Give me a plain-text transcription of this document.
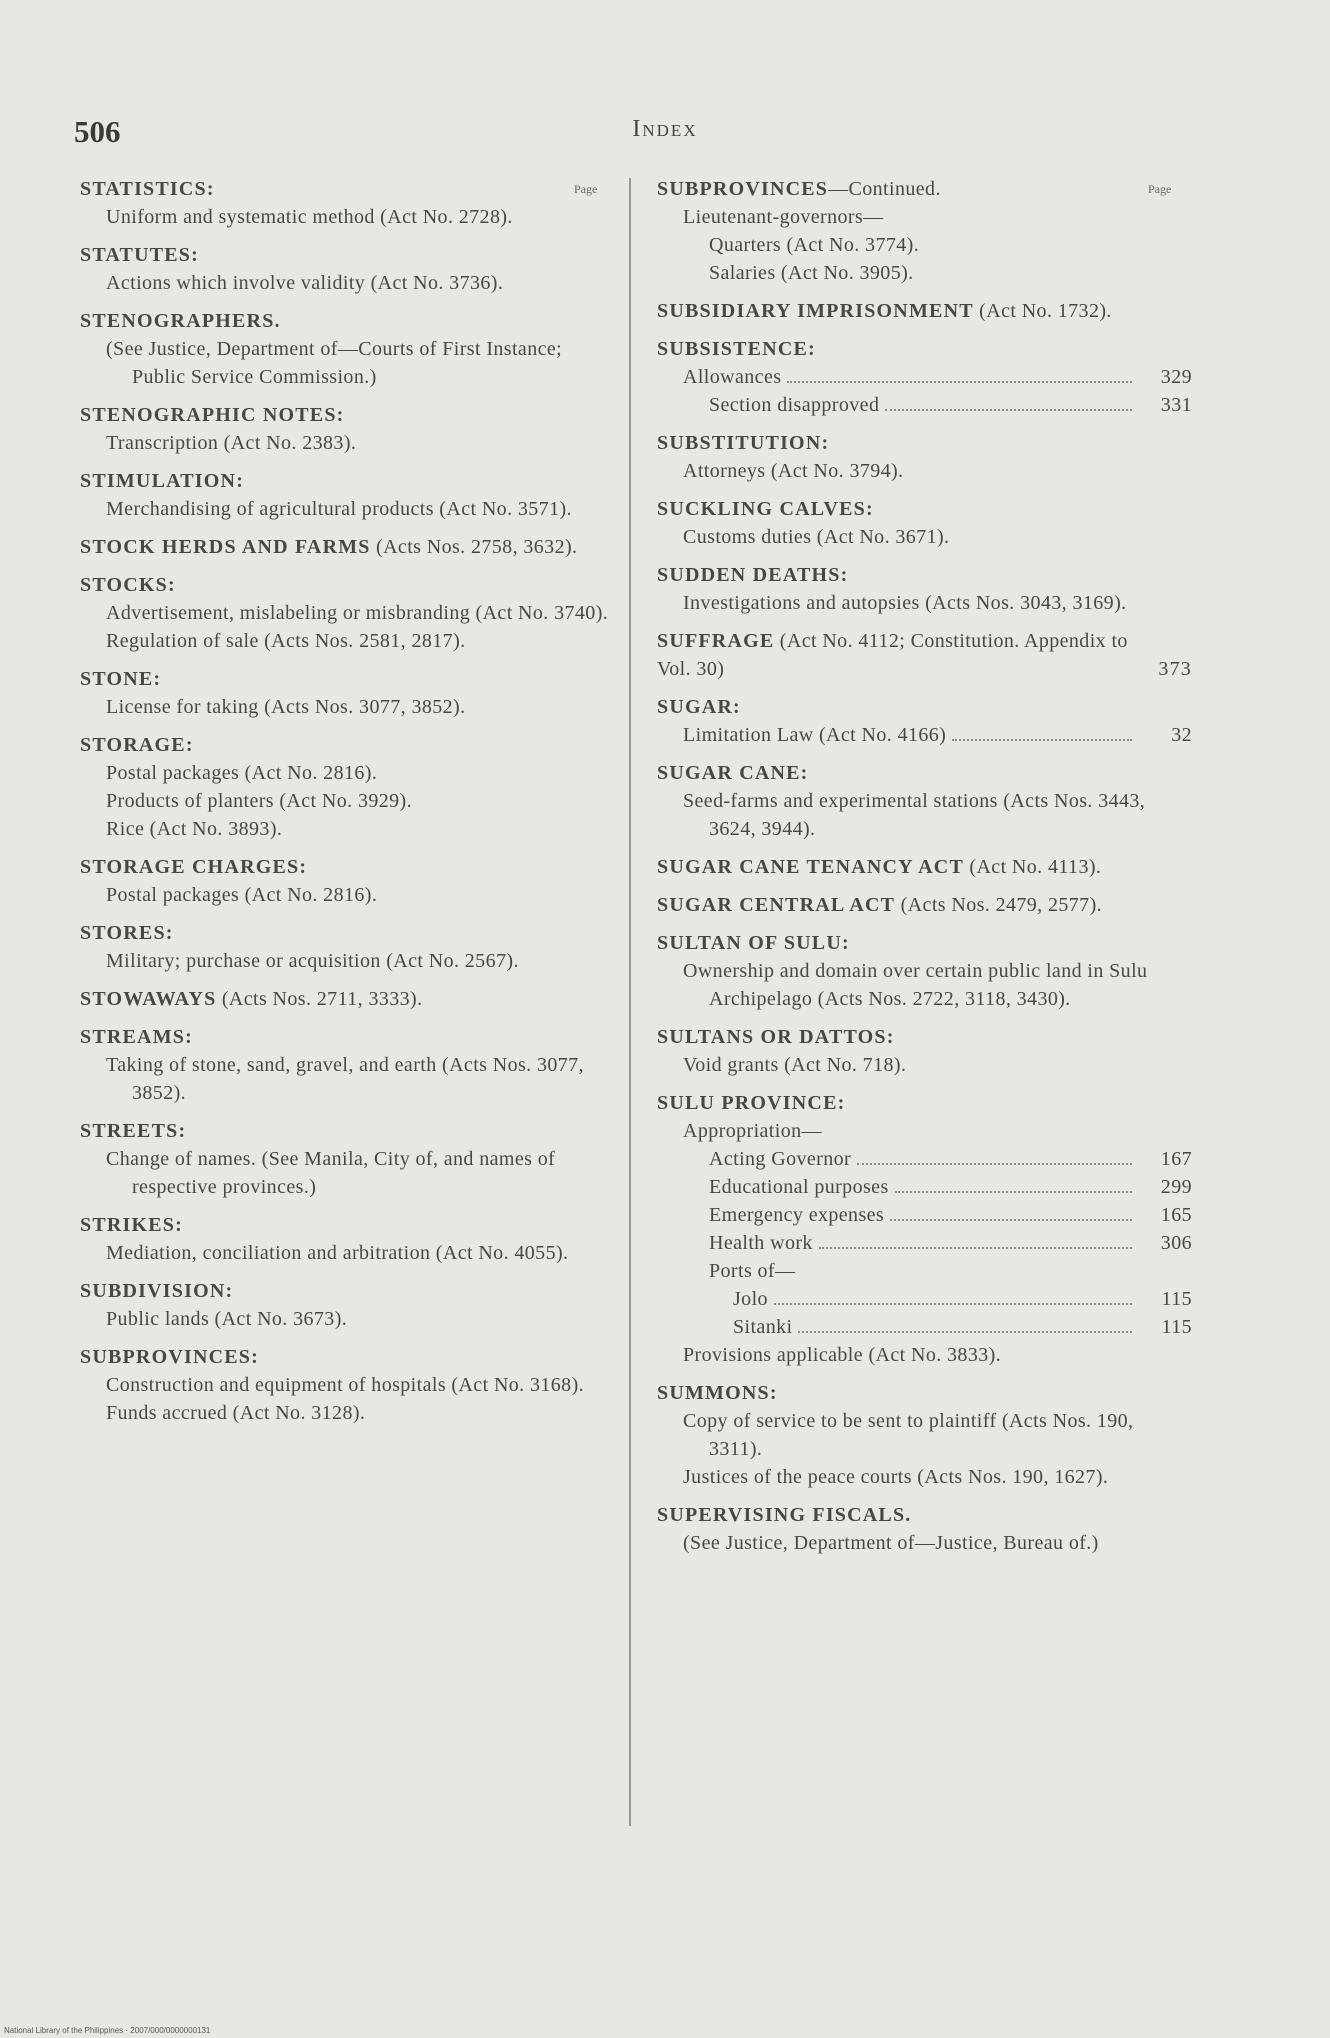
506	Index
Page	Page
STATISTICS:
Uniform and systematic method (Act No. 2728).
STATUTES:
Actions which involve validity (Act No. 3736).
STENOGRAPHERS.
(See Justice, Department of—Courts of First Instance; Public Service Commission.)
STENOGRAPHIC NOTES:
Transcription (Act No. 2383).
STIMULATION:
Merchandising of agricultural products (Act No. 3571).
STOCK HERDS AND FARMS (Acts Nos. 2758, 3632).
STOCKS:
Advertisement, mislabeling or misbranding (Act No. 3740).
Regulation of sale (Acts Nos. 2581, 2817).
STONE:
License for taking (Acts Nos. 3077, 3852).
STORAGE:
Postal packages (Act No. 2816).
Products of planters (Act No. 3929).
Rice (Act No. 3893).
STORAGE CHARGES:
Postal packages (Act No. 2816).
STORES:
Military; purchase or acquisition (Act No. 2567).
STOWAWAYS (Acts Nos. 2711, 3333).
STREAMS:
Taking of stone, sand, gravel, and earth (Acts Nos. 3077, 3852).
STREETS:
Change of names. (See Manila, City of, and names of respective provinces.)
STRIKES:
Mediation, conciliation and arbitration (Act No. 4055).
SUBDIVISION:
Public lands (Act No. 3673).
SUBPROVINCES:
Construction and equipment of hospitals (Act No. 3168).
Funds accrued (Act No. 3128).
SUBPROVINCES—Continued.
Lieutenant-governors—
Quarters (Act No. 3774).
Salaries (Act No. 3905).
SUBSIDIARY IMPRISONMENT (Act No. 1732).
SUBSISTENCE:
Allowances	329
Section disapproved	331
SUBSTITUTION:
Attorneys (Act No. 3794).
SUCKLING CALVES:
Customs duties (Act No. 3671).
SUDDEN DEATHS:
Investigations and autopsies (Acts Nos. 3043, 3169).
SUFFRAGE (Act No. 4112; Constitution. Appendix to Vol. 30)	373
SUGAR:
Limitation Law (Act No. 4166)	32
SUGAR CANE:
Seed-farms and experimental stations (Acts Nos. 3443, 3624, 3944).
SUGAR CANE TENANCY ACT (Act No. 4113).
SUGAR CENTRAL ACT (Acts Nos. 2479, 2577).
SULTAN OF SULU:
Ownership and domain over certain public land in Sulu Archipelago (Acts Nos. 2722, 3118, 3430).
SULTANS OR DATTOS:
Void grants (Act No. 718).
SULU PROVINCE:
Appropriation—
Acting Governor	167
Educational purposes	299
Emergency expenses	165
Health work	306
Ports of—
Jolo	115
Sitanki	115
Provisions applicable (Act No. 3833).
SUMMONS:
Copy of service to be sent to plaintiff (Acts Nos. 190, 3311).
Justices of the peace courts (Acts Nos. 190, 1627).
SUPERVISING FISCALS.
(See Justice, Department of—Justice, Bureau of.)
National Library of the Philippines · 2007/000/0000000131
